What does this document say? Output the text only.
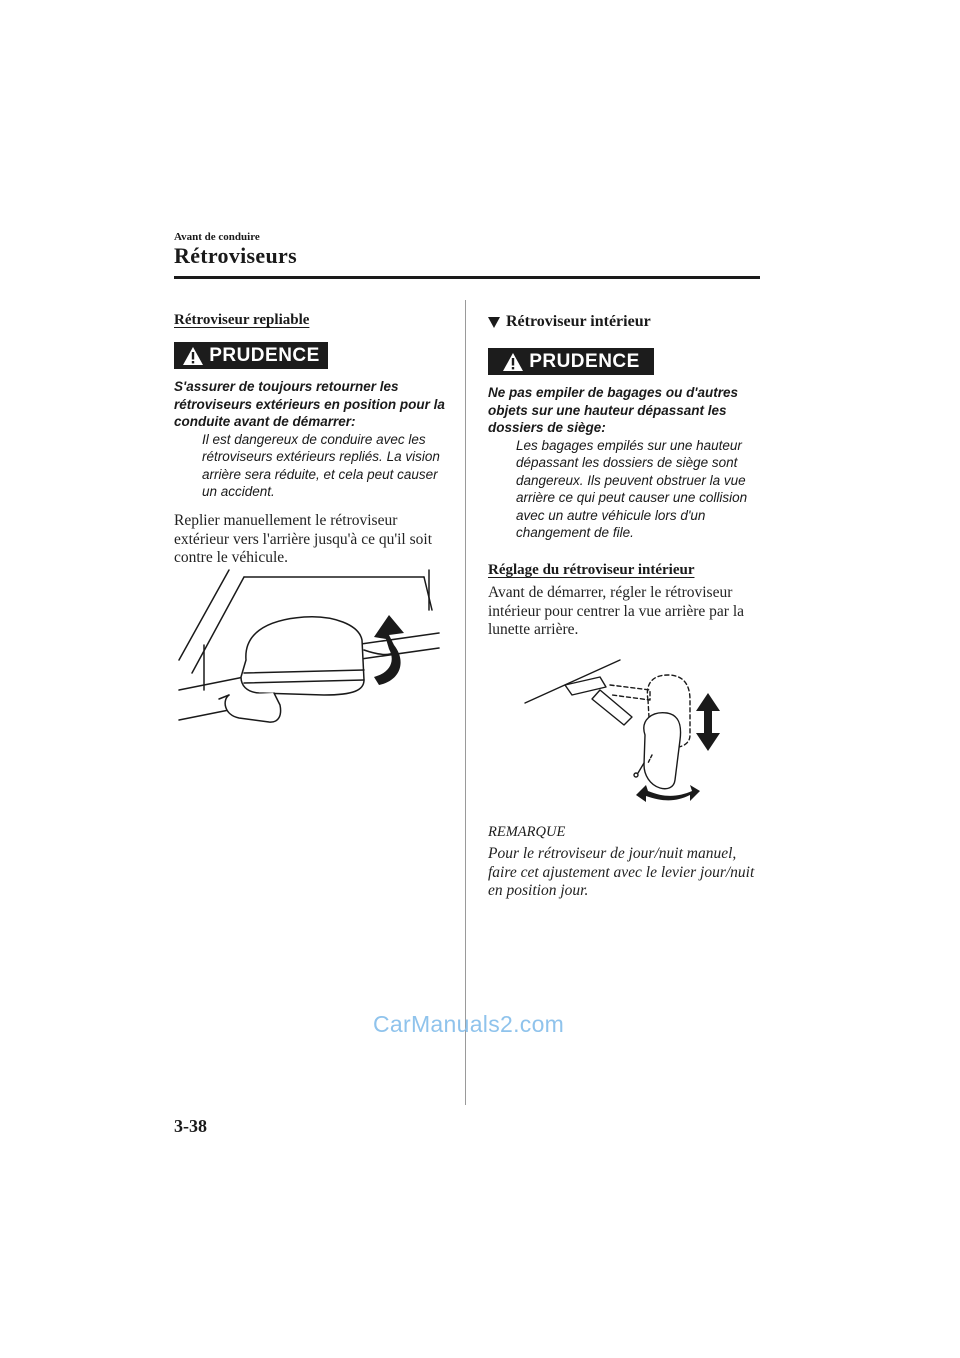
Avant de conduire
Rétroviseurs
Rétroviseur repliable
PRUDENCE
S'assurer de toujours retourner les rétroviseurs extérieurs en position pour la conduite avant de démarrer:
Il est dangereux de conduire avec les rétroviseurs extérieurs repliés. La vision arrière sera réduite, et cela peut causer un accident.
Replier manuellement le rétroviseur extérieur vers l'arrière jusqu'à ce qu'il soit contre le véhicule.
Rétroviseur intérieur
PRUDENCE
Ne pas empiler de bagages ou d'autres objets sur une hauteur dépassant les dossiers de siège:
Les bagages empilés sur une hauteur dépassant les dossiers de siège sont dangereux. Ils peuvent obstruer la vue arrière ce qui peut causer une collision avec un autre véhicule lors d'un changement de file.
Réglage du rétroviseur intérieur
Avant de démarrer, régler le rétroviseur intérieur pour centrer la vue arrière par la lunette arrière.
REMARQUE
Pour le rétroviseur de jour/nuit manuel, faire cet ajustement avec le levier jour/nuit en position jour.
CarManuals2.com
3-38
